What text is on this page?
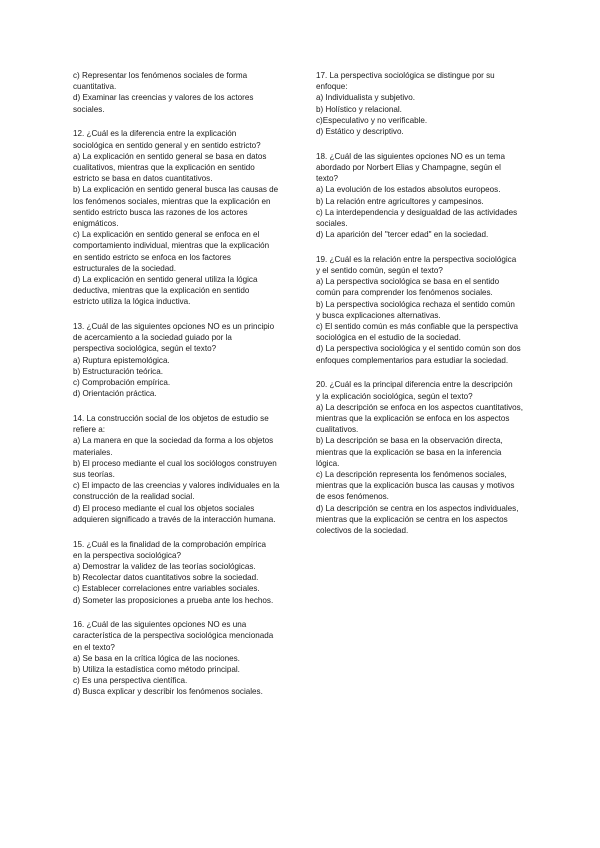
c) Representar los fenómenos sociales de forma
cuantitativa.
d) Examinar las creencias y valores de los actores
sociales.
12. ¿Cuál es la diferencia entre la explicación
sociológica en sentido general y en sentido estricto?
a) La explicación en sentido general se basa en datos
cualitativos, mientras que la explicación en sentido
estricto se basa en datos cuantitativos.
b) La explicación en sentido general busca las causas de
los fenómenos sociales, mientras que la explicación en
sentido estricto busca las razones de los actores
enigmáticos.
c) La explicación en sentido general se enfoca en el
comportamiento individual, mientras que la explicación
en sentido estricto se enfoca en los factores
estructurales de la sociedad.
d) La explicación en sentido general utiliza la lógica
deductiva, mientras que la explicación en sentido
estricto utiliza la lógica inductiva.
13. ¿Cuál de las siguientes opciones NO es un principio
de acercamiento a la sociedad guiado por la
perspectiva sociológica, según el texto?
a) Ruptura epistemológica.
b) Estructuración teórica.
c) Comprobación empírica.
d) Orientación práctica.
14. La construcción social de los objetos de estudio se
refiere a:
a) La manera en que la sociedad da forma a los objetos
materiales.
b) El proceso mediante el cual los sociólogos construyen
sus teorías.
c) El impacto de las creencias y valores individuales en la
construcción de la realidad social.
d) El proceso mediante el cual los objetos sociales
adquieren significado a través de la interacción humana.
15. ¿Cuál es la finalidad de la comprobación empírica
en la perspectiva sociológica?
a) Demostrar la validez de las teorías sociológicas.
b) Recolectar datos cuantitativos sobre la sociedad.
c) Establecer correlaciones entre variables sociales.
d) Someter las proposiciones a prueba ante los hechos.
16. ¿Cuál de las siguientes opciones NO es una
característica de la perspectiva sociológica mencionada
en el texto?
a) Se basa en la crítica lógica de las nociones.
b) Utiliza la estadística como método principal.
c) Es una perspectiva científica.
d) Busca explicar y describir los fenómenos sociales.
17. La perspectiva sociológica se distingue por su
enfoque:
a) Individualista y subjetivo.
b) Holístico y relacional.
c)Especulativo y no verificable.
d) Estático y descriptivo.
18. ¿Cuál de las siguientes opciones NO es un tema
abordado por Norbert Elias y Champagne, según el
texto?
a) La evolución de los estados absolutos europeos.
b) La relación entre agricultores y campesinos.
c) La interdependencia y desigualdad de las actividades
sociales.
d) La aparición del "tercer edad" en la sociedad.
19. ¿Cuál es la relación entre la perspectiva sociológica
y el sentido común, según el texto?
a) La perspectiva sociológica se basa en el sentido
común para comprender los fenómenos sociales.
b) La perspectiva sociológica rechaza el sentido común
y busca explicaciones alternativas.
c) El sentido común es más confiable que la perspectiva
sociológica en el estudio de la sociedad.
d) La perspectiva sociológica y el sentido común son dos
enfoques complementarios para estudiar la sociedad.
20. ¿Cuál es la principal diferencia entre la descripción
y la explicación sociológica, según el texto?
a) La descripción se enfoca en los aspectos cuantitativos,
mientras que la explicación se enfoca en los aspectos
cualitativos.
b) La descripción se basa en la observación directa,
mientras que la explicación se basa en la inferencia
lógica.
c) La descripción representa los fenómenos sociales,
mientras que la explicación busca las causas y motivos
de esos fenómenos.
d) La descripción se centra en los aspectos individuales,
mientras que la explicación se centra en los aspectos
colectivos de la sociedad.
